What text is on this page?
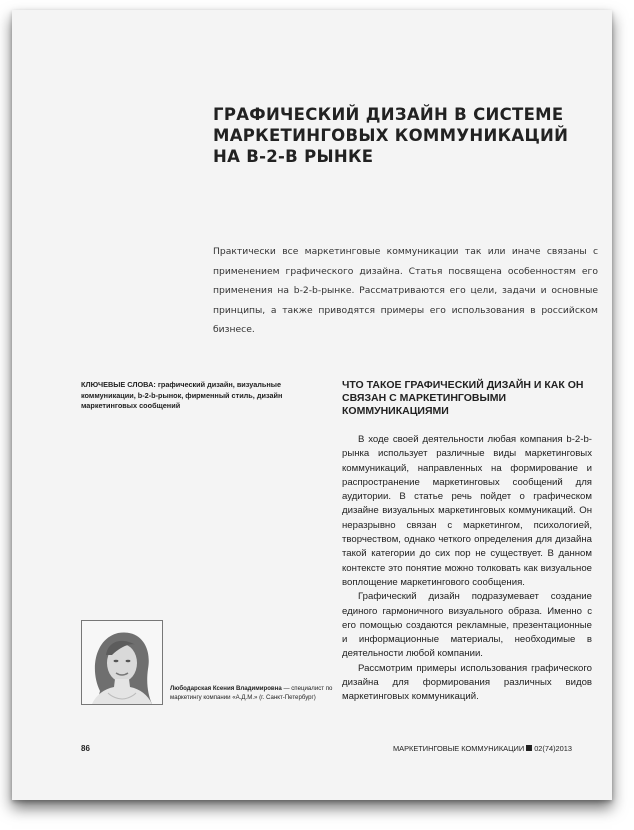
ГРАФИЧЕСКИЙ ДИЗАЙН В СИСТЕМЕ МАРКЕТИНГОВЫХ КОММУНИКАЦИЙ НА B-2-B РЫНКЕ
Практически все маркетинговые коммуникации так или иначе связаны с применением графического дизайна. Статья посвящена особенностям его применения на b-2-b-рынке. Рассматриваются его цели, задачи и основные принципы, а также приводятся примеры его использования в российском бизнесе.
КЛЮЧЕВЫЕ СЛОВА: графический дизайн, визуальные коммуникации, b-2-b-рынок, фирменный стиль, дизайн маркетинговых сообщений
ЧТО ТАКОЕ ГРАФИЧЕСКИЙ ДИЗАЙН И КАК ОН СВЯЗАН С МАРКЕТИНГОВЫМИ КОММУНИКАЦИЯМИ

В ходе своей деятельности любая компания b-2-b-рынка использует различные виды маркетинговых коммуникаций, направленных на формирование и распространение маркетинговых сообщений для аудитории. В статье речь пойдет о графическом дизайне визуальных маркетинговых коммуникаций. Он неразрывно связан с маркетингом, психологией, творчеством, однако четкого определения для дизайна такой категории до сих пор не существует. В данном контексте это понятие можно толковать как визуальное воплощение маркетингового сообщения.

Графический дизайн подразумевает создание единого гармоничного визуального образа. Именно с его помощью создаются рекламные, презентационные и информационные материалы, необходимые в деятельности любой компании.

Рассмотрим примеры использования графического дизайна для формирования различных видов маркетинговых коммуникаций.

Любодарская Ксения Владимировна — специалист по маркетингу компании «А.Д.М.» (г. Санкт-Петербург)
86	МАРКЕТИНГОВЫЕ КОММУНИКАЦИИ 02(74)2013
